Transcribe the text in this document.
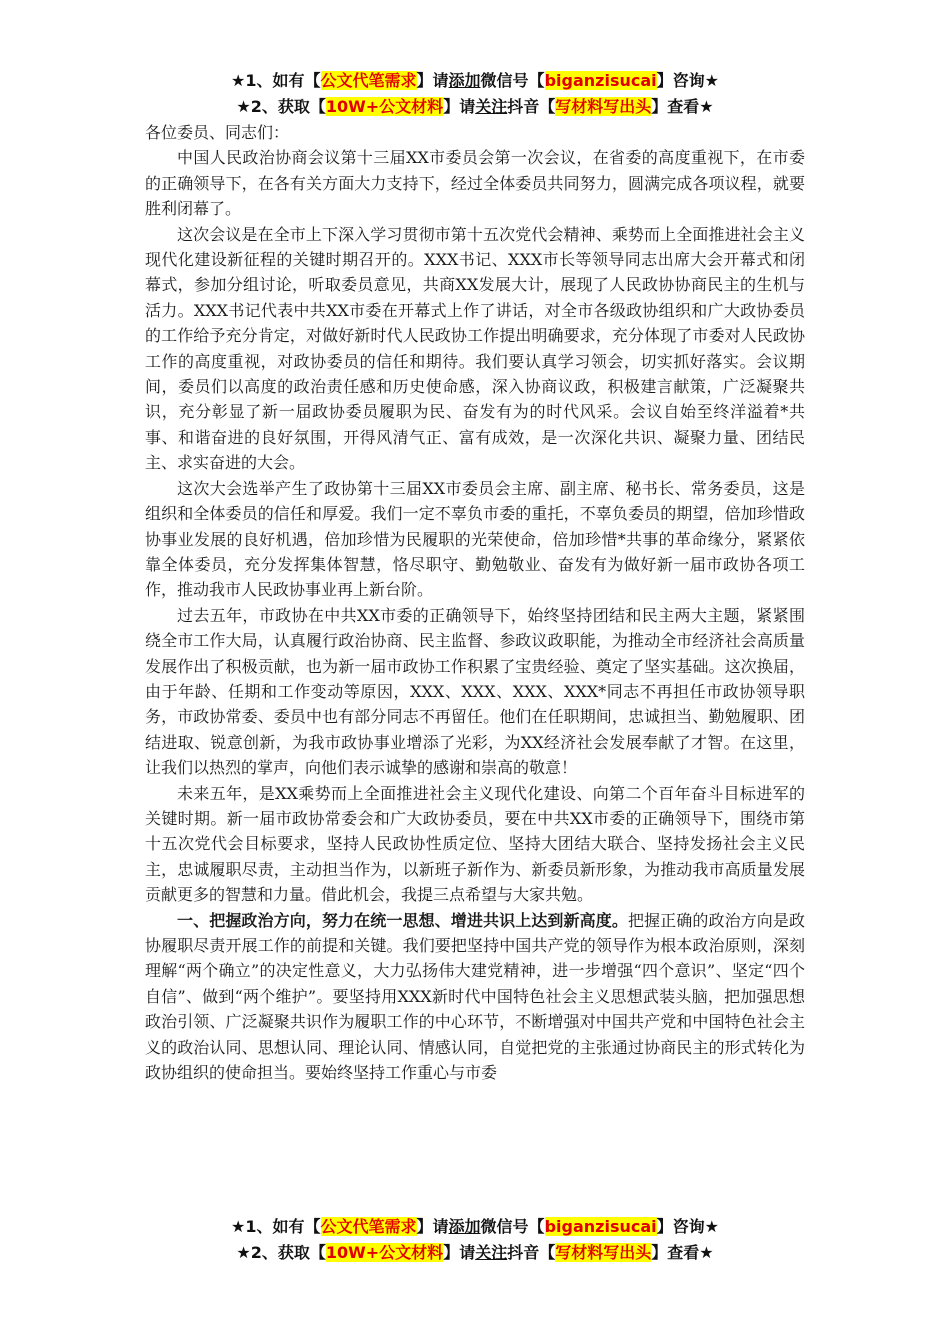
★1、如有【公文代笔需求】请添加微信号【biganzisucai】咨询★
★2、获取【10W+公文材料】请关注抖音【写材料写出头】查看★

各位委员、同志们：

中国人民政治协商会议第十三届XX市委员会第一次会议，在省委的高度重视下，在市委的正确领导下，在各有关方面大力支持下，经过全体委员共同努力，圆满完成各项议程，就要胜利闭幕了。

这次会议是在全市上下深入学习贯彻市第十五次党代会精神、乘势而上全面推进社会主义现代化建设新征程的关键时期召开的。XXX书记、XXX市长等领导同志出席大会开幕式和闭幕式，参加分组讨论，听取委员意见，共商XX发展大计，展现了人民政协协商民主的生机与活力。XXX书记代表中共XX市委在开幕式上作了讲话，对全市各级政协组织和广大政协委员的工作给予充分肯定，对做好新时代人民政协工作提出明确要求，充分体现了市委对人民政协工作的高度重视，对政协委员的信任和期待。我们要认真学习领会，切实抓好落实。会议期间，委员们以高度的政治责任感和历史使命感，深入协商议政，积极建言献策，广泛凝聚共识，充分彰显了新一届政协委员履职为民、奋发有为的时代风采。会议自始至终洋溢着*共事、和谐奋进的良好氛围，开得风清气正、富有成效，是一次深化共识、凝聚力量、团结民主、求实奋进的大会。

这次大会选举产生了政协第十三届XX市委员会主席、副主席、秘书长、常务委员，这是组织和全体委员的信任和厚爱。我们一定不辜负市委的重托，不辜负委员的期望，倍加珍惜政协事业发展的良好机遇，倍加珍惜为民履职的光荣使命，倍加珍惜*共事的革命缘分，紧紧依靠全体委员，充分发挥集体智慧，恪尽职守、勤勉敬业、奋发有为做好新一届市政协各项工作，推动我市人民政协事业再上新台阶。

过去五年，市政协在中共XX市委的正确领导下，始终坚持团结和民主两大主题，紧紧围绕全市工作大局，认真履行政治协商、民主监督、参政议政职能，为推动全市经济社会高质量发展作出了积极贡献，也为新一届市政协工作积累了宝贵经验、奠定了坚实基础。这次换届，由于年龄、任期和工作变动等原因，XXX、XXX、XXX、XXX*同志不再担任市政协领导职务，市政协常委、委员中也有部分同志不再留任。他们在任职期间，忠诚担当、勤勉履职、团结进取、锐意创新，为我市政协事业增添了光彩，为XX经济社会发展奉献了才智。在这里，让我们以热烈的掌声，向他们表示诚挚的感谢和崇高的敬意！

未来五年，是XX乘势而上全面推进社会主义现代化建设、向第二个百年奋斗目标进军的关键时期。新一届市政协常委会和广大政协委员，要在中共XX市委的正确领导下，围绕市第十五次党代会目标要求，坚持人民政协性质定位、坚持大团结大联合、坚持发扬社会主义民主，忠诚履职尽责，主动担当作为，以新班子新作为、新委员新形象，为推动我市高质量发展贡献更多的智慧和力量。借此机会，我提三点希望与大家共勉。

一、把握政治方向，努力在统一思想、增进共识上达到新高度。把握正确的政治方向是政协履职尽责开展工作的前提和关键。我们要把坚持中国共产党的领导作为根本政治原则，深刻理解“两个确立”的决定性意义，大力弘扬伟大建党精神，进一步增强“四个意识”、坚定“四个自信”、做到“两个维护”。要坚持用XXX新时代中国特色社会主义思想武装头脑，把加强思想政治引领、广泛凝聚共识作为履职工作的中心环节，不断增强对中国共产党和中国特色社会主义的政治认同、思想认同、理论认同、情感认同，自觉把党的主张通过协商民主的形式转化为政协组织的使命担当。要始终坚持工作重心与市委

★1、如有【公文代笔需求】请添加微信号【biganzisucai】咨询★
★2、获取【10W+公文材料】请关注抖音【写材料写出头】查看★
